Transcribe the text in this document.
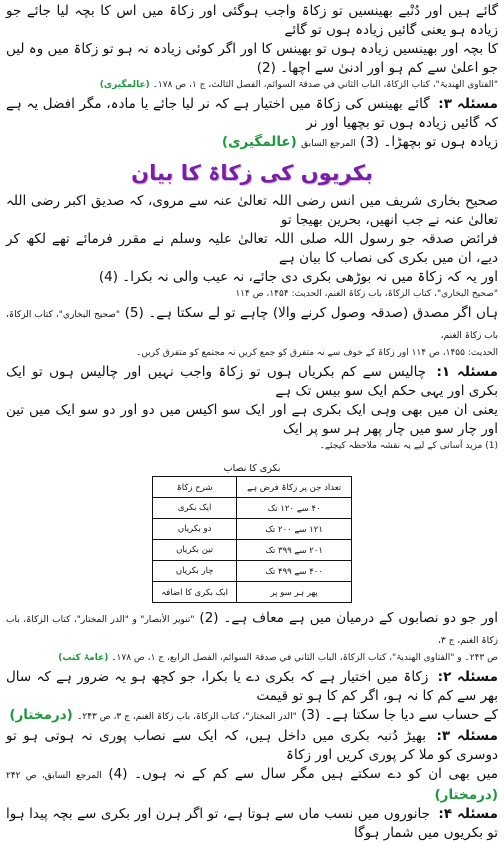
گائے ہیں اور دُنْبے بھینسیں تو زکاۃ واجب ہوگئی اور زکاۃ میں اس کا بچہ لیا جائے جو زیادہ ہو یعنی گائیں زیادہ ہوں تو گائے

کا بچہ اور بھینسیں زیادہ ہوں تو بھینس کا اور اگر کوئی زیادہ نہ ہو تو زکاۃ میں وہ لیں جو اعلیٰ سے کم ہو اور ادنیٰ سے اچھا۔ (2)

"الفتاوی الھندیۃ"، کتاب الزکاۃ، الباب الثاني في صدقۃ السوائم، الفصل الثالث، ج ۱، ص ۱۷۸۔ (عالمگیری)

مسئلہ ۳: گائے بھینس کی زکاۃ میں اختیار ہے کہ نر لیا جائے یا مادہ، مگر افضل یہ ہے کہ گائیں زیادہ ہوں تو بچھیا اور نر

زیادہ ہوں تو بچھڑا۔ (3) المرجع السابق (عالمگیری)

بکریوں کی زکاۃ کا بیان

صحیح بخاری شریف میں انس رضی اللہ تعالیٰ عنہ سے مروی، کہ صدیق اکبر رضی اللہ تعالیٰ عنہ نے جب انھیں، بحرین بھیجا تو

فرائض صدقہ جو رسول اللہ صلی اللہ تعالیٰ علیہ وسلم نے مقرر فرمائے تھے لکھ کر دیے، ان میں بکری کی نصاب کا بیان ہے

اور یہ کہ زکاۃ میں نہ بوڑھی بکری دی جائے، نہ عیب والی نہ بکرا۔ (4)

"صحیح البخاري"، کتاب الزکاۃ، باب زکاۃ الغنم، الحدیث: ۱۴۵۴، ص ۱۱۴

ہاں اگر مصدق (صدقہ وصول کرنے والا) چاہے تو لے سکتا ہے۔ (5) "صحیح البخاري"، کتاب الزکاۃ، باب زکاۃ الغنم،

الحدیث: ۱۴۵۵، ص ۱۱۴ اور زکاۃ کے خوف سے نہ متفرق کو جمع کریں نہ مجتمع کو متفرق کریں۔

مسئلہ ۱: چالیس سے کم بکریاں ہوں تو زکاۃ واجب نہیں اور چالیس ہوں تو ایک بکری اور یہی حکم ایک سو بیس تک ہے

یعنی ان میں بھی وہی ایک بکری ہے اور ایک سو اکیس میں دو اور دو سو ایک میں تین اور چار سو میں چار پھر ہر سو پر ایک

(1) مزید آسانی کے لیے یہ نقشہ ملاحظہ کیجئے۔

بکری کا نصاب
تعداد جن پر زکاۃ فرض ہے	شرح زکاۃ
۴۰ سے ۱۲۰ تک	ایک بکری
۱۲۱ سے ۲۰۰ تک	دو بکریاں
۲۰۱ سے ۳۹۹ تک	تین بکریاں
۴۰۰ سے ۴۹۹ تک	چار بکریاں
پھر ہر سو پر	ایک بکری کا اضافہ

اور جو دو نصابوں کے درمیان میں ہے معاف ہے۔ (2) "تنویر الأبصار" و "الدر المختار"، کتاب الزکاۃ، باب زکاۃ الغنم، ج ۳،

ص ۲۴۳۔ و "الفتاوی الھندیۃ"، کتاب الزکاۃ، الباب الثاني في صدقۃ السوائم، الفصل الرابع، ج ۱، ص ۱۷۸۔ (عامۂ کتب)

مسئلہ ۲: زکاۃ میں اختیار ہے کہ بکری دے یا بکرا، جو کچھ ہو یہ ضرور ہے کہ سال بھر سے کم کا نہ ہو، اگر کم کا ہو تو قیمت

کے حساب سے دیا جا سکتا ہے۔ (3) "الدر المختار"، کتاب الزکاۃ، باب زکاۃ الغنم، ج ۳، ص ۲۴۳۔ (درمختار)

مسئلہ ۳: بھیڑ دُنبہ بکری میں داخل ہیں، کہ ایک سے نصاب پوری نہ ہوتی ہو تو دوسری کو ملا کر پوری کریں اور زکاۃ

میں بھی ان کو دے سکتے ہیں مگر سال سے کم کے نہ ہوں۔ (4) المرجع السابق، ص ۲۴۲ (درمختار)

مسئلہ ۴: جانوروں میں نسب ماں سے ہوتا ہے، تو اگر ہرن اور بکری سے بچہ پیدا ہوا تو بکریوں میں شمار ہوگا
